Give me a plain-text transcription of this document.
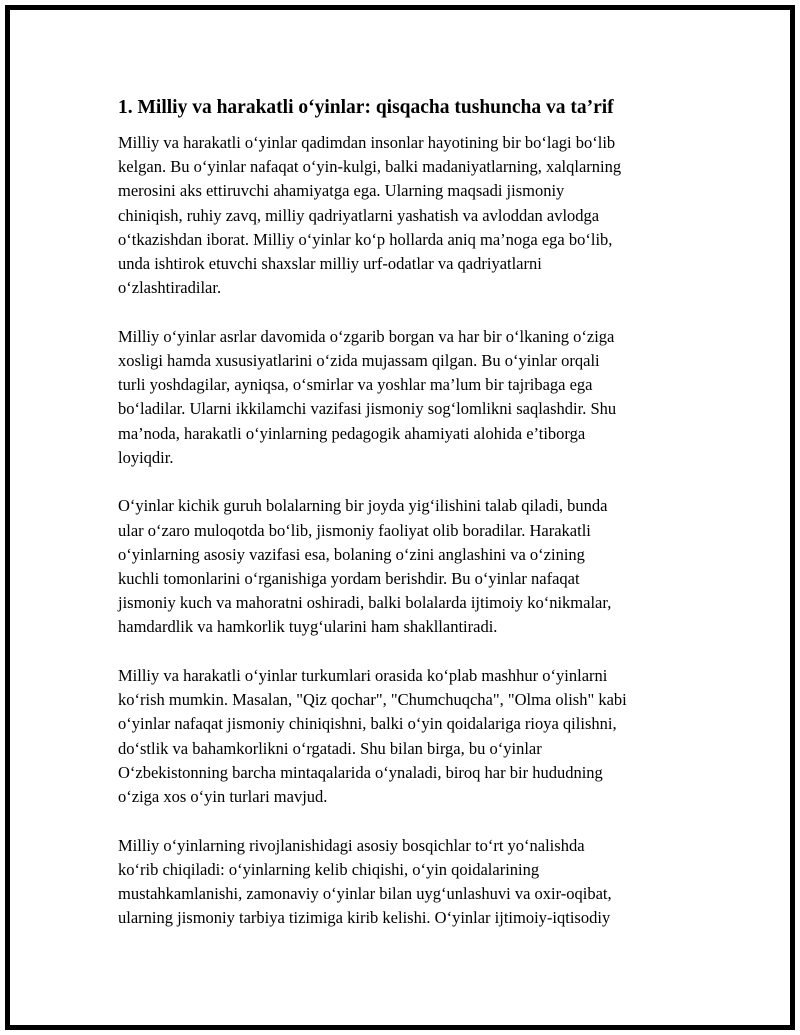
1. Milliy va harakatli o‘yinlar: qisqacha tushuncha va ta’rif

Milliy va harakatli o‘yinlar qadimdan insonlar hayotining bir bo‘lagi bo‘lib
kelgan. Bu o‘yinlar nafaqat o‘yin-kulgi, balki madaniyatlarning, xalqlarning
merosini aks ettiruvchi ahamiyatga ega. Ularning maqsadi jismoniy
chiniqish, ruhiy zavq, milliy qadriyatlarni yashatish va avloddan avlodga
o‘tkazishdan iborat. Milliy o‘yinlar ko‘p hollarda aniq ma’noga ega bo‘lib,
unda ishtirok etuvchi shaxslar milliy urf-odatlar va qadriyatlarni
o‘zlashtiradilar.

Milliy o‘yinlar asrlar davomida o‘zgarib borgan va har bir o‘lkaning o‘ziga
xosligi hamda xususiyatlarini o‘zida mujassam qilgan. Bu o‘yinlar orqali
turli yoshdagilar, ayniqsa, o‘smirlar va yoshlar ma’lum bir tajribaga ega
bo‘ladilar. Ularni ikkilamchi vazifasi jismoniy sog‘lomlikni saqlashdir. Shu
ma’noda, harakatli o‘yinlarning pedagogik ahamiyati alohida e’tiborga
loyiqdir.

O‘yinlar kichik guruh bolalarning bir joyda yig‘ilishini talab qiladi, bunda
ular o‘zaro muloqotda bo‘lib, jismoniy faoliyat olib boradilar. Harakatli
o‘yinlarning asosiy vazifasi esa, bolaning o‘zini anglashini va o‘zining
kuchli tomonlarini o‘rganishiga yordam berishdir. Bu o‘yinlar nafaqat
jismoniy kuch va mahoratni oshiradi, balki bolalarda ijtimoiy ko‘nikmalar,
hamdardlik va hamkorlik tuyg‘ularini ham shakllantiradi.

Milliy va harakatli o‘yinlar turkumlari orasida ko‘plab mashhur o‘yinlarni
ko‘rish mumkin. Masalan, "Qiz qochar", "Chumchuqcha", "Olma olish" kabi
o‘yinlar nafaqat jismoniy chiniqishni, balki o‘yin qoidalariga rioya qilishni,
do‘stlik va bahamkorlikni o‘rgatadi. Shu bilan birga, bu o‘yinlar
O‘zbekistonning barcha mintaqalarida o‘ynaladi, biroq har bir hududning
o‘ziga xos o‘yin turlari mavjud.

Milliy o‘yinlarning rivojlanishidagi asosiy bosqichlar to‘rt yo‘nalishda
ko‘rib chiqiladi: o‘yinlarning kelib chiqishi, o‘yin qoidalarining
mustahkamlanishi, zamonaviy o‘yinlar bilan uyg‘unlashuvi va oxir-oqibat,
ularning jismoniy tarbiya tizimiga kirib kelishi. O‘yinlar ijtimoiy-iqtisodiy
